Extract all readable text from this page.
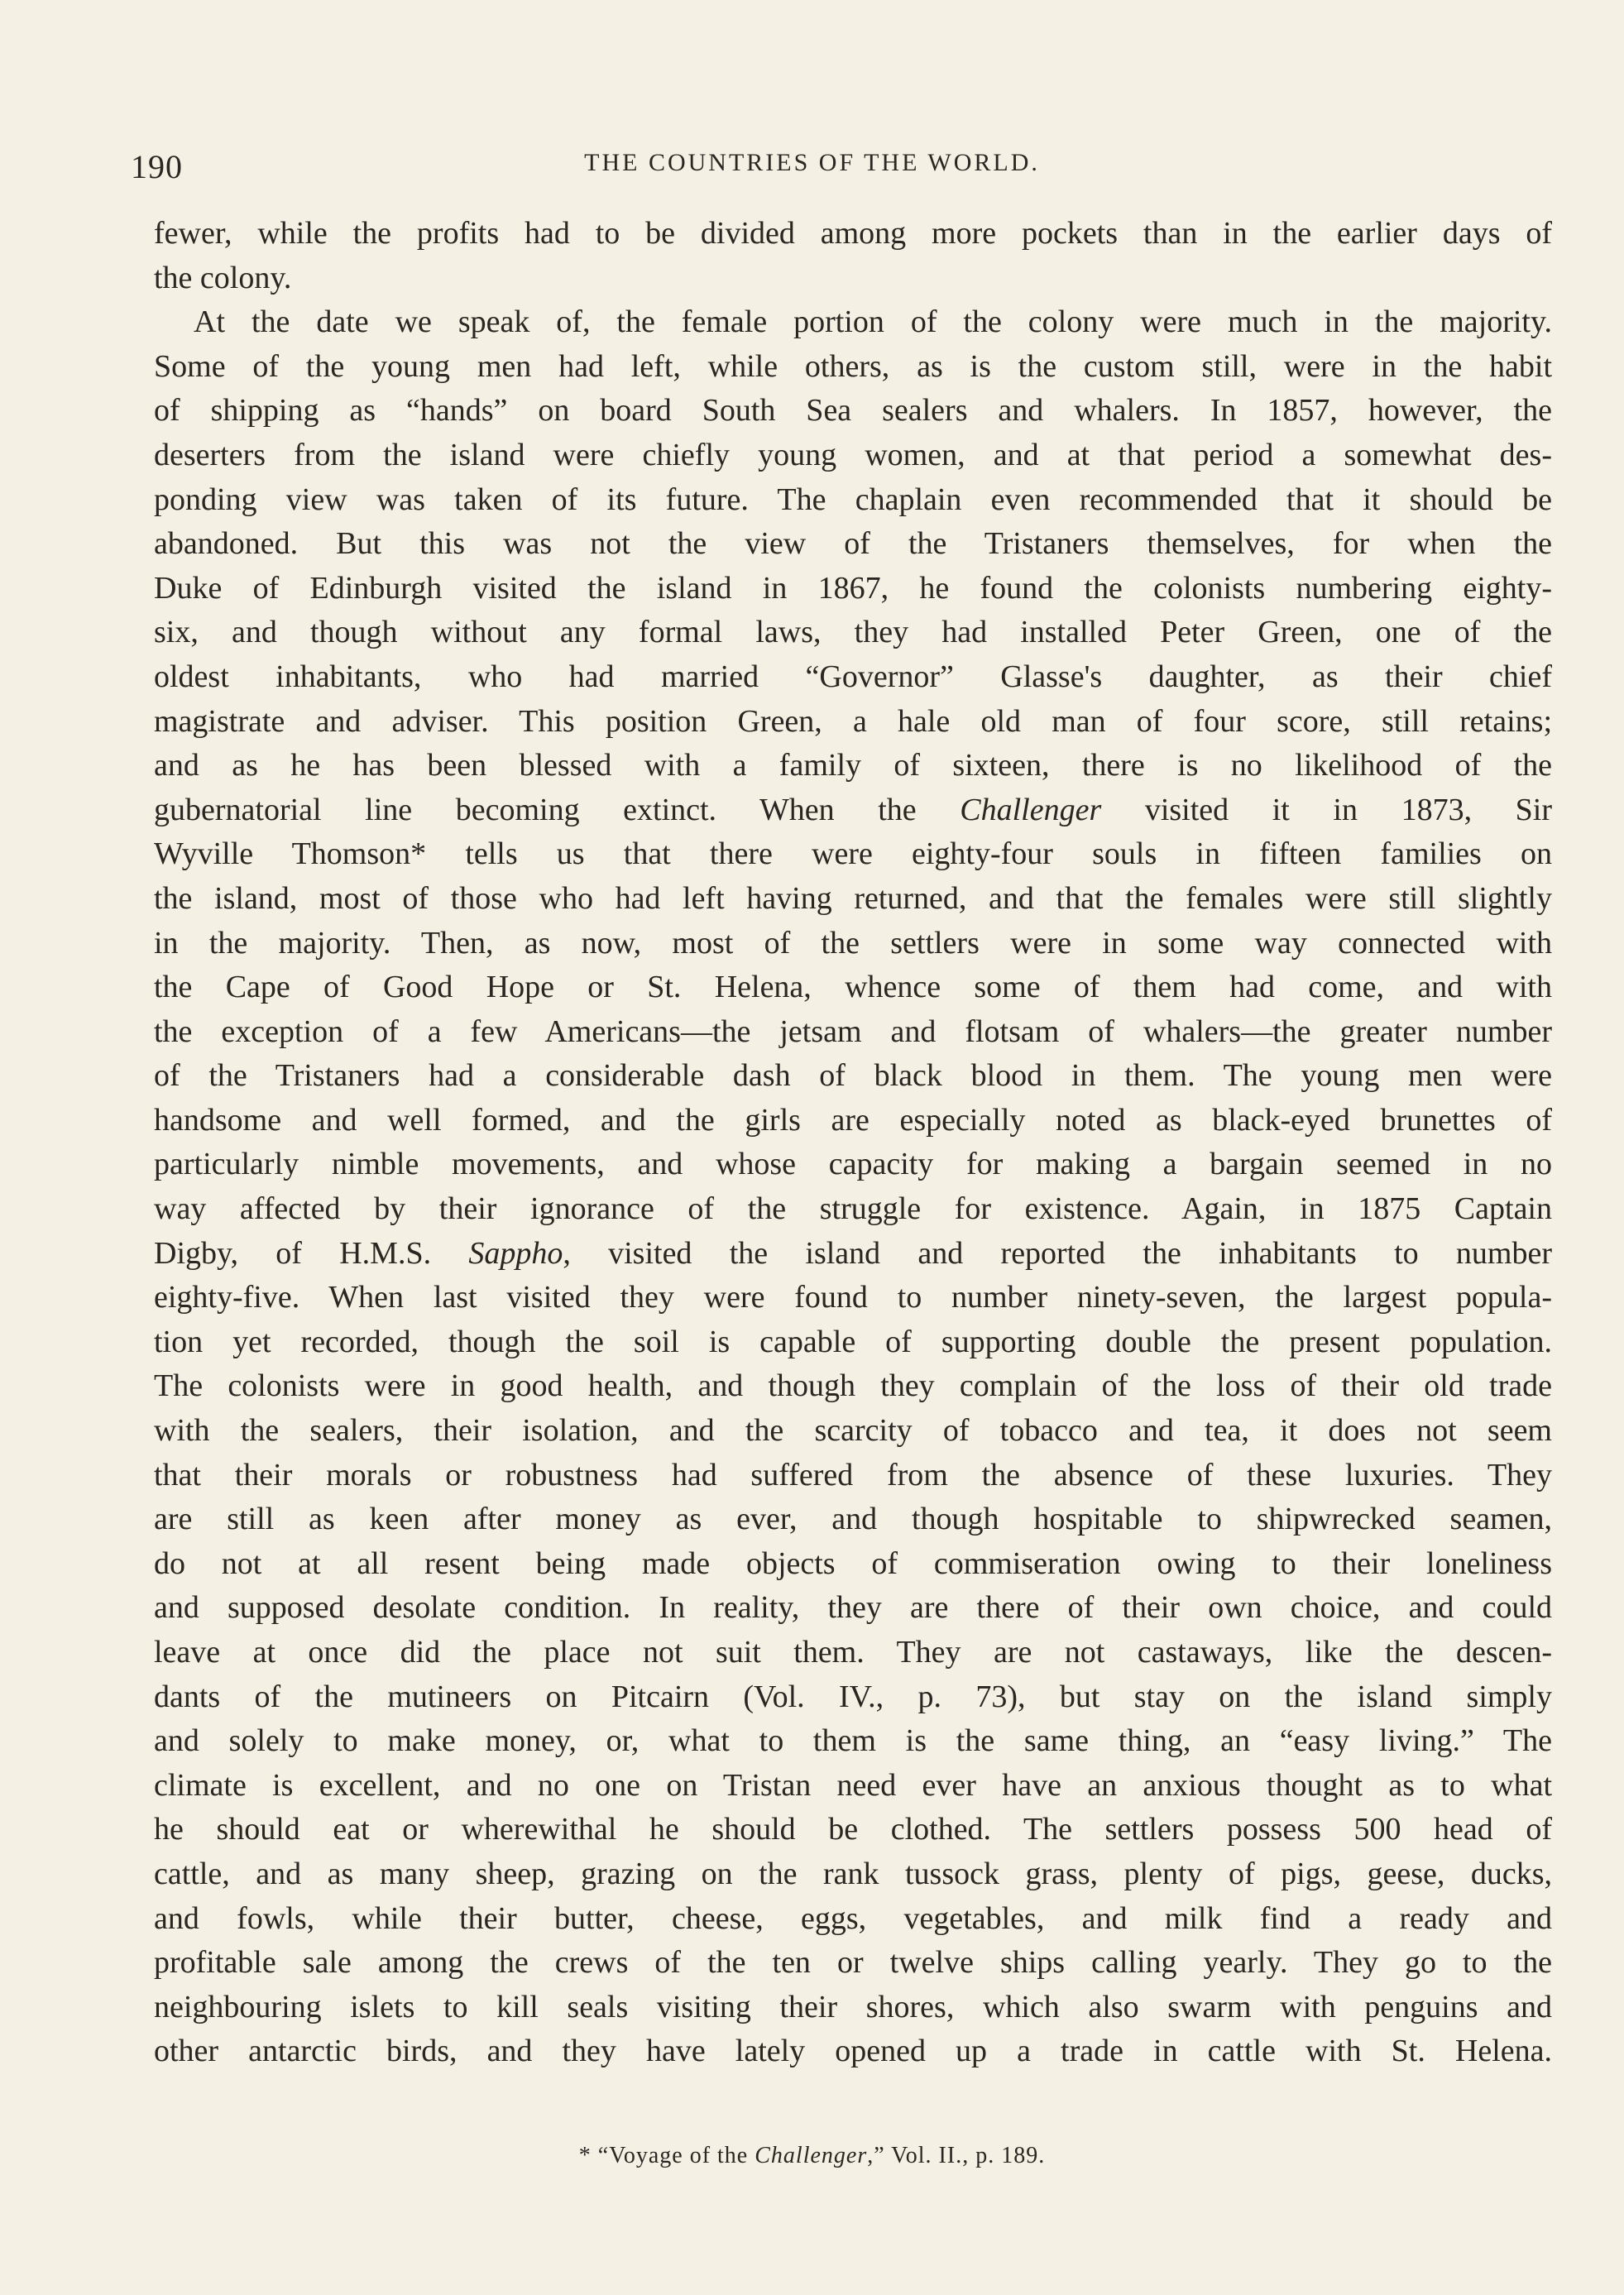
190	THE COUNTRIES OF THE WORLD.
fewer, while the profits had to be divided among more pockets than in the earlier days of
the colony.
At the date we speak of, the female portion of the colony were much in the majority.
Some of the young men had left, while others, as is the custom still, were in the habit
of shipping as “hands” on board South Sea sealers and whalers. In 1857, however, the
deserters from the island were chiefly young women, and at that period a somewhat des-
ponding view was taken of its future. The chaplain even recommended that it should be
abandoned. But this was not the view of the Tristaners themselves, for when the
Duke of Edinburgh visited the island in 1867, he found the colonists numbering eighty-
six, and though without any formal laws, they had installed Peter Green, one of the
oldest inhabitants, who had married “Governor” Glasse's daughter, as their chief
magistrate and adviser. This position Green, a hale old man of four score, still retains;
and as he has been blessed with a family of sixteen, there is no likelihood of the
gubernatorial line becoming extinct. When the Challenger visited it in 1873, Sir
Wyville Thomson* tells us that there were eighty-four souls in fifteen families on
the island, most of those who had left having returned, and that the females were still slightly
in the majority. Then, as now, most of the settlers were in some way connected with
the Cape of Good Hope or St. Helena, whence some of them had come, and with
the exception of a few Americans—the jetsam and flotsam of whalers—the greater number
of the Tristaners had a considerable dash of black blood in them. The young men were
handsome and well formed, and the girls are especially noted as black-eyed brunettes of
particularly nimble movements, and whose capacity for making a bargain seemed in no
way affected by their ignorance of the struggle for existence. Again, in 1875 Captain
Digby, of H.M.S. Sappho, visited the island and reported the inhabitants to number
eighty-five. When last visited they were found to number ninety-seven, the largest popula-
tion yet recorded, though the soil is capable of supporting double the present population.
The colonists were in good health, and though they complain of the loss of their old trade
with the sealers, their isolation, and the scarcity of tobacco and tea, it does not seem
that their morals or robustness had suffered from the absence of these luxuries. They
are still as keen after money as ever, and though hospitable to shipwrecked seamen,
do not at all resent being made objects of commiseration owing to their loneliness
and supposed desolate condition. In reality, they are there of their own choice, and could
leave at once did the place not suit them. They are not castaways, like the descen-
dants of the mutineers on Pitcairn (Vol. IV., p. 73), but stay on the island simply
and solely to make money, or, what to them is the same thing, an “easy living.” The
climate is excellent, and no one on Tristan need ever have an anxious thought as to what
he should eat or wherewithal he should be clothed. The settlers possess 500 head of
cattle, and as many sheep, grazing on the rank tussock grass, plenty of pigs, geese, ducks,
and fowls, while their butter, cheese, eggs, vegetables, and milk find a ready and
profitable sale among the crews of the ten or twelve ships calling yearly. They go to the
neighbouring islets to kill seals visiting their shores, which also swarm with penguins and
other antarctic birds, and they have lately opened up a trade in cattle with St. Helena.
* “Voyage of the Challenger,” Vol. II., p. 189.
